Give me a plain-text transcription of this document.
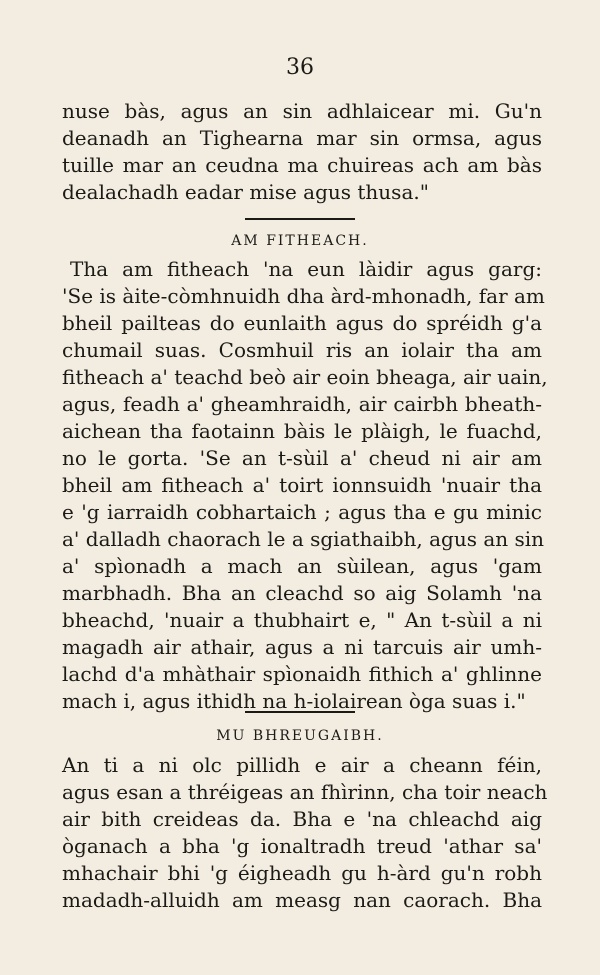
36
nuse bàs, agus an sin adhlaicear mi. Gu'n
deanadh an Tighearna mar sin ormsa, agus
tuille mar an ceudna ma chuireas ach am bàs
dealachadh eadar mise agus thusa."
AM FITHEACH.
Tha am fitheach 'na eun làidir agus garg:
'Se is àite-còmhnuidh dha àrd-mhonadh, far am
bheil pailteas do eunlaith agus do spréidh g'a
chumail suas. Cosmhuil ris an iolair tha am
fitheach a' teachd beò air eoin bheaga, air uain,
agus, feadh a' gheamhraidh, air cairbh bheath-
aichean tha faotainn bàis le plàigh, le fuachd,
no le gorta. 'Se an t-sùil a' cheud ni air am
bheil am fitheach a' toirt ionnsuidh 'nuair tha
e 'g iarraidh cobhartaich ; agus tha e gu minic
a' dalladh chaorach le a sgiathaibh, agus an sin
a' spìonadh a mach an sùilean, agus 'gam
marbhadh. Bha an cleachd so aig Solamh 'na
bheachd, 'nuair a thubhairt e, " An t-sùil a ni
magadh air athair, agus a ni tarcuis air umh-
lachd d'a mhàthair spìonaidh fithich a' ghlinne
mach i, agus ithidh na h-iolairean òga suas i."
MU BHREUGAIBH.
An ti a ni olc pillidh e air a cheann féin,
agus esan a thréigeas an fhìrinn, cha toir neach
air bith creideas da. Bha e 'na chleachd aig
òganach a bha 'g ionaltradh treud 'athar sa'
mhachair bhi 'g éigheadh gu h-àrd gu'n robh
madadh-alluidh am measg nan caorach. Bha
